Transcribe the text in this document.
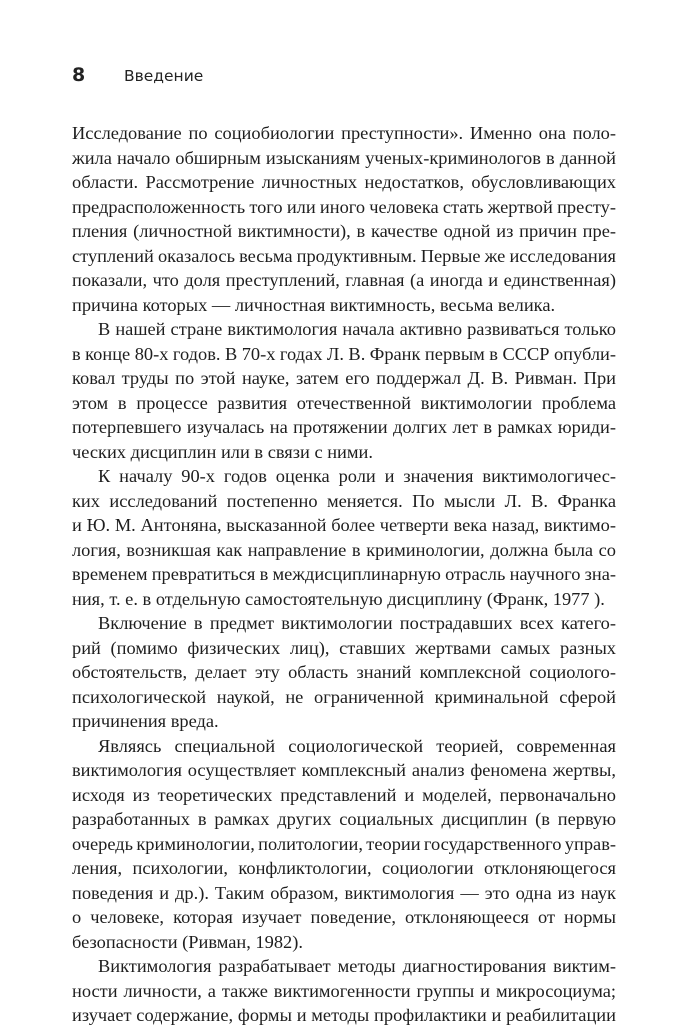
8	Введение

Исследование по социобиологии преступности». Именно она поло-
жила начало обширным изысканиям ученых-криминологов в данной
области. Рассмотрение личностных недостатков, обусловливающих
предрасположенность того или иного человека стать жертвой престу-
пления (личностной виктимности), в качестве одной из причин пре-
ступлений оказалось весьма продуктивным. Первые же исследования
показали, что доля преступлений, главная (а иногда и единственная)
причина которых — личностная виктимность, весьма велика.

В нашей стране виктимология начала активно развиваться только
в конце 80-х годов. В 70-х годах Л. В. Франк первым в СССР опубли-
ковал труды по этой науке, затем его поддержал Д. В. Ривман. При
этом в процессе развития отечественной виктимологии проблема
потерпевшего изучалась на протяжении долгих лет в рамках юриди-
ческих дисциплин или в связи с ними.

К началу 90-х годов оценка роли и значения виктимологичес-
ких исследований постепенно меняется. По мысли Л. В. Франка
и Ю. М. Антоняна, высказанной более четверти века назад, виктимо-
логия, возникшая как направление в криминологии, должна была со
временем превратиться в междисциплинарную отрасль научного зна-
ния, т. е. в отдельную самостоятельную дисциплину (Франк, 1977 ).

Включение в предмет виктимологии пострадавших всех катего-
рий (помимо физических лиц), ставших жертвами самых разных
обстоятельств, делает эту область знаний комплексной социолого-
психологической наукой, не ограниченной криминальной сферой
причинения вреда.

Являясь специальной социологической теорией, современная
виктимология осуществляет комплексный анализ феномена жертвы,
исходя из теоретических представлений и моделей, первоначально
разработанных в рамках других социальных дисциплин (в первую
очередь криминологии, политологии, теории государственного управ-
ления, психологии, конфликтологии, социологии отклоняющегося
поведения и др.). Таким образом, виктимология — это одна из наук
о человеке, которая изучает поведение, отклоняющееся от нормы
безопасности (Ривман, 1982).

Виктимология разрабатывает методы диагностирования виктим-
ности личности, а также виктимогенности группы и микросоциума;
изучает содержание, формы и методы профилактики и реабилитации
